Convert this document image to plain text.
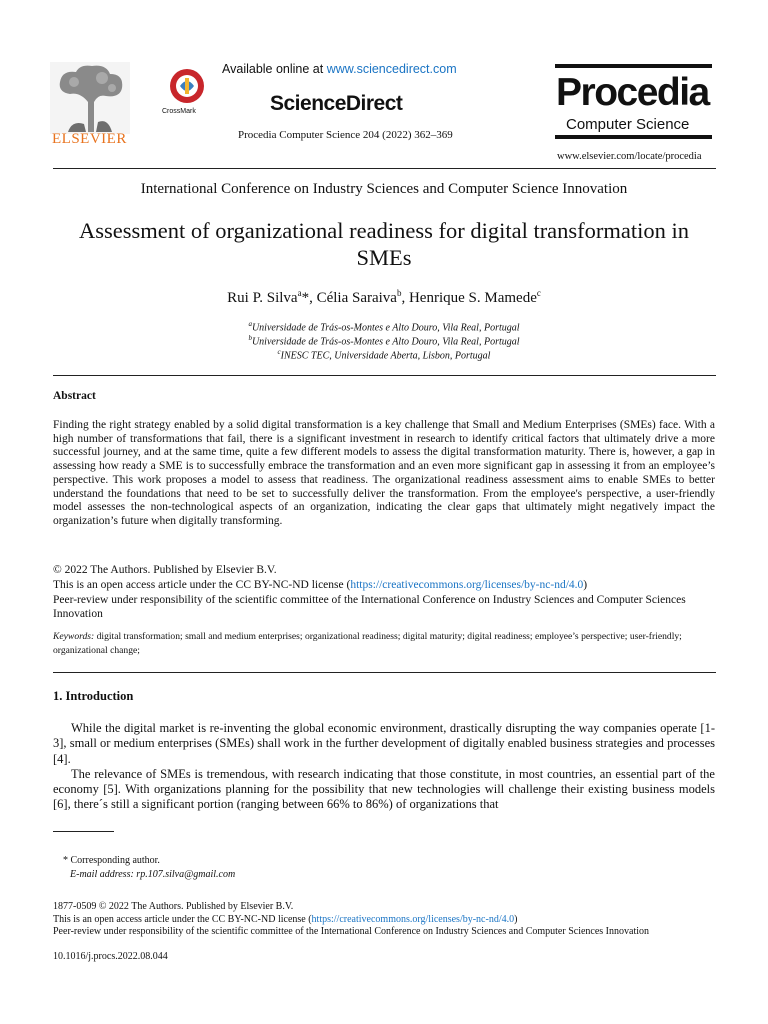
ELSEVIER
CrossMark
Available online at www.sciencedirect.com
ScienceDirect
Procedia Computer Science 204 (2022) 362–369
Procedia
Computer Science
www.elsevier.com/locate/procedia
International Conference on Industry Sciences and Computer Science Innovation
Assessment of organizational readiness for digital transformation in
SMEs
Rui P. Silva$^a$*, Célia Saraiva$^b$, Henrique S. Mamede$^c$
$^a$Universidade de Trás-os-Montes e Alto Douro, Vila Real, Portugal
$^b$Universidade de Trás-os-Montes e Alto Douro, Vila Real, Portugal
$^c$INESC TEC, Universidade Aberta, Lisbon, Portugal
Abstract
Finding the right strategy enabled by a solid digital transformation is a key challenge that Small and Medium Enterprises (SMEs) face. With a high number of transformations that fail, there is a significant investment in research to identify critical factors that ultimately drive a more successful journey, and at the same time, quite a few different models to assess the digital transformation maturity. There is, however, a gap in assessing how ready a SME is to successfully embrace the transformation and an even more significant gap in assessing it from an employee’s perspective. This work proposes a model to assess that readiness. The organizational readiness assessment aims to enable SMEs to better understand the foundations that need to be set to successfully deliver the transformation. From the employee's perspective, a user-friendly model assesses the non-technological aspects of an organization, indicating the clear gaps that ultimately might negatively impact the organization’s future when digitally transforming.
© 2022 The Authors. Published by Elsevier B.V.
This is an open access article under the CC BY-NC-ND license (https://creativecommons.org/licenses/by-nc-nd/4.0)
Peer-review under responsibility of the scientific committee of the International Conference on Industry Sciences and Computer Sciences Innovation
Keywords: digital transformation; small and medium enterprises; organizational readiness; digital maturity; digital readiness; employee’s perspective; user-friendly; organizational change;
1. Introduction

While the digital market is re-inventing the global economic environment, drastically disrupting the way companies operate [1-3], small or medium enterprises (SMEs) shall work in the further development of digitally enabled business strategies and processes [4].

The relevance of SMEs is tremendous, with research indicating that those constitute, in most countries, an essential part of the economy [5]. With organizations planning for the possibility that new technologies will challenge their existing business models [6], there´s still a significant portion (ranging between 66% to 86%) of organizations that

* Corresponding author.
E-mail address: rp.107.silva@gmail.com
1877-0509 © 2022 The Authors. Published by Elsevier B.V.
This is an open access article under the CC BY-NC-ND license (https://creativecommons.org/licenses/by-nc-nd/4.0)
Peer-review under responsibility of the scientific committee of the International Conference on Industry Sciences and Computer Sciences Innovation
10.1016/j.procs.2022.08.044
